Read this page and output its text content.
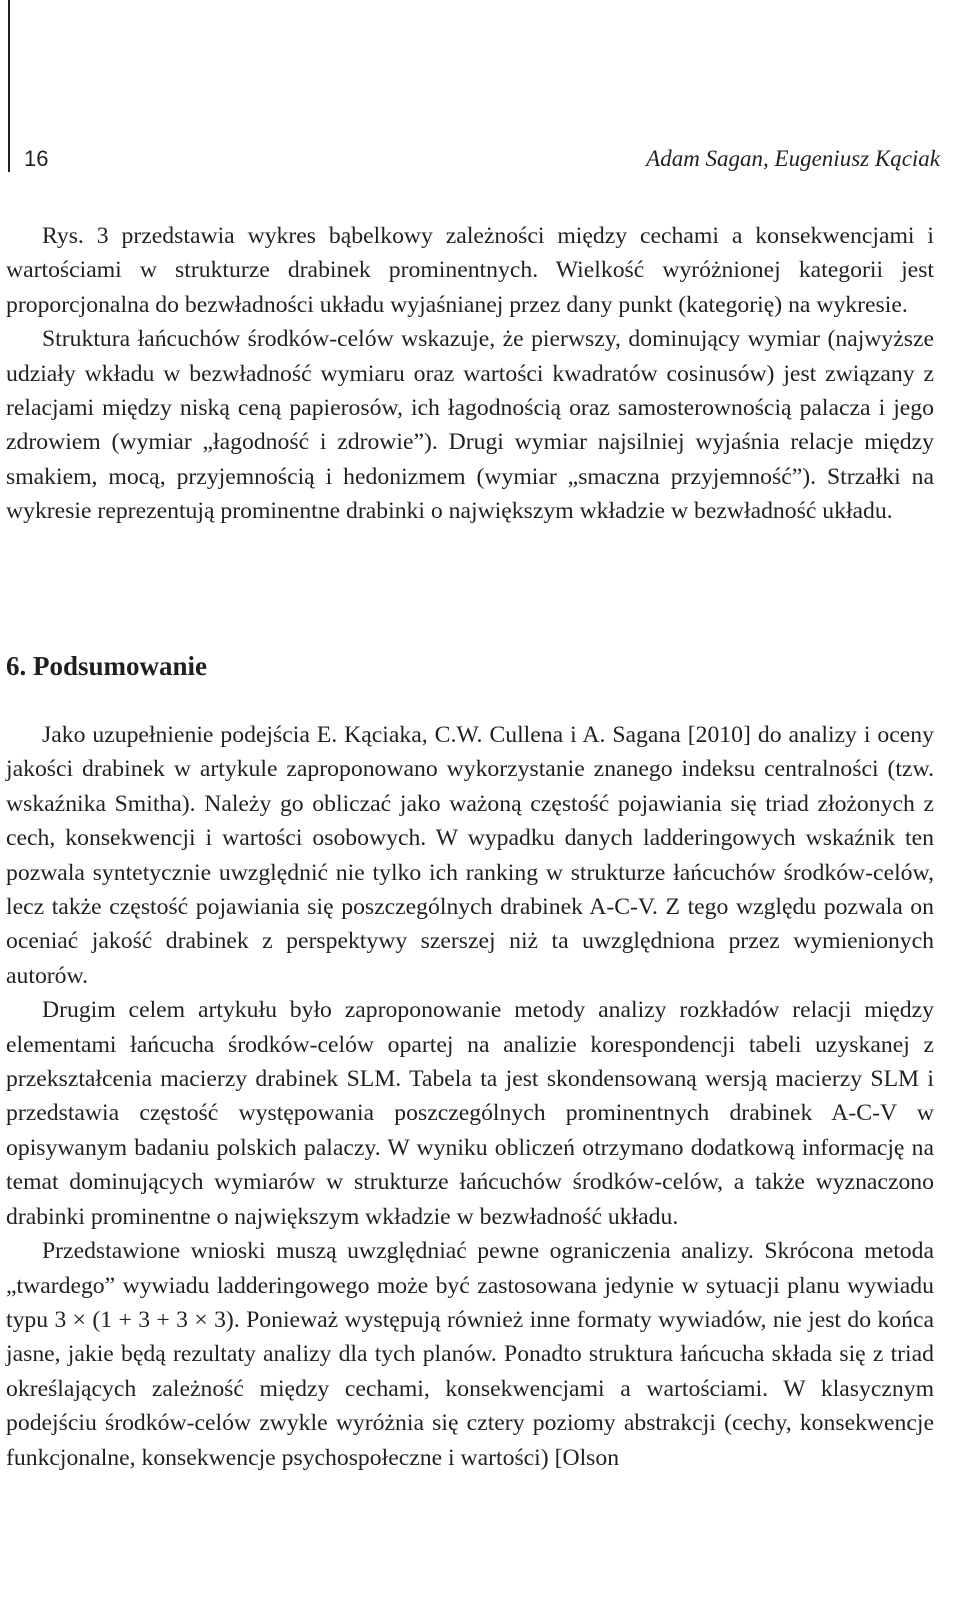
16	Adam Sagan, Eugeniusz Kąciak

Rys. 3 przedstawia wykres bąbelkowy zależności między cechami a konsekwencjami i wartościami w strukturze drabinek prominentnych. Wielkość wyróżnionej kategorii jest proporcjonalna do bezwładności układu wyjaśnianej przez dany punkt (kategorię) na wykresie.

Struktura łańcuchów środków-celów wskazuje, że pierwszy, dominujący wymiar (najwyższe udziały wkładu w bezwładność wymiaru oraz wartości kwadratów cosinusów) jest związany z relacjami między niską ceną papierosów, ich łagodnością oraz samosterownością palacza i jego zdrowiem (wymiar „łagodność i zdrowie”). Drugi wymiar najsilniej wyjaśnia relacje między smakiem, mocą, przyjemnością i hedonizmem (wymiar „smaczna przyjemność”). Strzałki na wykresie reprezentują prominentne drabinki o największym wkładzie w bezwładność układu.

6. Podsumowanie

Jako uzupełnienie podejścia E. Kąciaka, C.W. Cullena i A. Sagana [2010] do analizy i oceny jakości drabinek w artykule zaproponowano wykorzystanie znanego indeksu centralności (tzw. wskaźnika Smitha). Należy go obliczać jako ważoną częstość pojawiania się triad złożonych z cech, konsekwencji i wartości osobowych. W wypadku danych ladderingowych wskaźnik ten pozwala syntetycznie uwzględnić nie tylko ich ranking w strukturze łańcuchów środków-celów, lecz także częstość pojawiania się poszczególnych drabinek A-C-V. Z tego względu pozwala on oceniać jakość drabinek z perspektywy szerszej niż ta uwzględniona przez wymienionych autorów.

Drugim celem artykułu było zaproponowanie metody analizy rozkładów relacji między elementami łańcucha środków-celów opartej na analizie korespondencji tabeli uzyskanej z przekształcenia macierzy drabinek SLM. Tabela ta jest skondensowaną wersją macierzy SLM i przedstawia częstość występowania poszczególnych prominentnych drabinek A-C-V w opisywanym badaniu polskich palaczy. W wyniku obliczeń otrzymano dodatkową informację na temat dominujących wymiarów w strukturze łańcuchów środków-celów, a także wyznaczono drabinki prominentne o największym wkładzie w bezwładność układu.

Przedstawione wnioski muszą uwzględniać pewne ograniczenia analizy. Skrócona metoda „twardego” wywiadu ladderingowego może być zastosowana jedynie w sytuacji planu wywiadu typu 3 × (1 + 3 + 3 × 3). Ponieważ występują również inne formaty wywiadów, nie jest do końca jasne, jakie będą rezultaty analizy dla tych planów. Ponadto struktura łańcucha składa się z triad określających zależność między cechami, konsekwencjami a wartościami. W klasycznym podejściu środków-celów zwykle wyróżnia się cztery poziomy abstrakcji (cechy, konsekwencje funkcjonalne, konsekwencje psychospołeczne i wartości) [Olson
